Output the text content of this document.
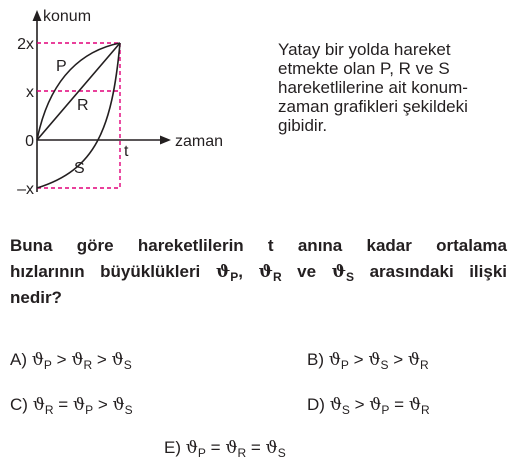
konum
zaman
2x
x
0
–x
t
P
R
S
Yatay bir yolda hareket
etmekte olan P, R ve S
hareketlilerine ait konum-
zaman grafikleri şekildeki
gibidir.
Buna göre hareketlilerin t anına kadar ortalama
hızlarının büyüklükleri $ϑ_P$, $ϑ_R$ ve $ϑ_S$ arasındaki ilişki
nedir?
A) $ϑ_P > ϑ_R > ϑ_S$	B) $ϑ_P > ϑ_S > ϑ_R$
C) $ϑ_R = ϑ_P > ϑ_S$	D) $ϑ_S > ϑ_P = ϑ_R$
E) $ϑ_P = ϑ_R = ϑ_S$
